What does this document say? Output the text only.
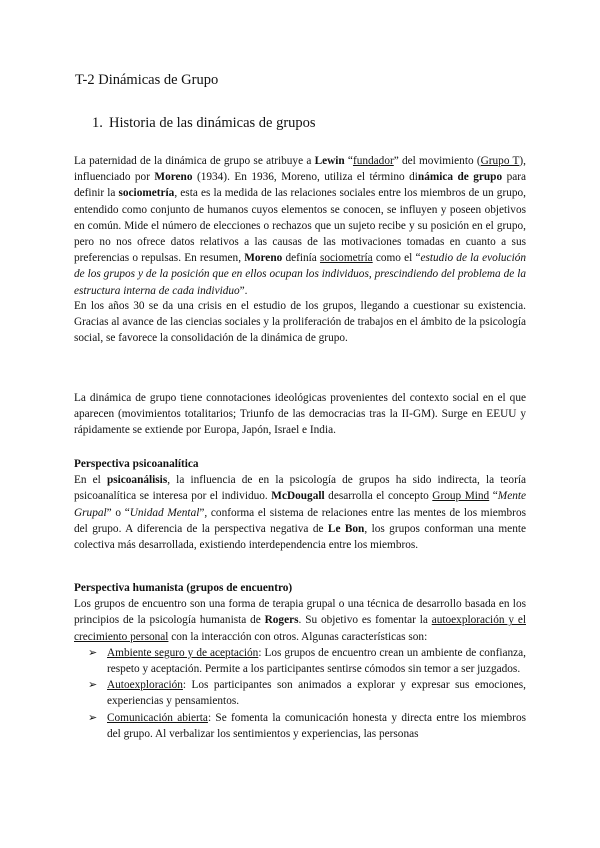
T-2 Dinámicas de Grupo
1. Historia de las dinámicas de grupos

La paternidad de la dinámica de grupo se atribuye a Lewin “fundador” del movimiento (Grupo T), influenciado por Moreno (1934). En 1936, Moreno, utiliza el término dinámica de grupo para definir la sociometría, esta es la medida de las relaciones sociales entre los miembros de un grupo, entendido como conjunto de humanos cuyos elementos se conocen, se influyen y poseen objetivos en común. Mide el número de elecciones o rechazos que un sujeto recibe y su posición en el grupo, pero no nos ofrece datos relativos a las causas de las motivaciones tomadas en cuanto a sus preferencias o repulsas. En resumen, Moreno definía sociometría como el “estudio de la evolución de los grupos y de la posición que en ellos ocupan los individuos, prescindiendo del problema de la estructura interna de cada individuo”.

En los años 30 se da una crisis en el estudio de los grupos, llegando a cuestionar su existencia. Gracias al avance de las ciencias sociales y la proliferación de trabajos en el ámbito de la psicología social, se favorece la consolidación de la dinámica de grupo.

La dinámica de grupo tiene connotaciones ideológicas provenientes del contexto social en el que aparecen (movimientos totalitarios; Triunfo de las democracias tras la II-GM). Surge en EEUU y rápidamente se extiende por Europa, Japón, Israel e India.

Perspectiva psicoanalítica
En el psicoanálisis, la influencia de en la psicología de grupos ha sido indirecta, la teoría psicoanalítica se interesa por el individuo. McDougall desarrolla el concepto Group Mind “Mente Grupal” o “Unidad Mental”, conforma el sistema de relaciones entre las mentes de los miembros del grupo. A diferencia de la perspectiva negativa de Le Bon, los grupos conforman una mente colectiva más desarrollada, existiendo interdependencia entre los miembros.
Perspectiva humanista (grupos de encuentro)
Los grupos de encuentro son una forma de terapia grupal o una técnica de desarrollo basada en los principios de la psicología humanista de Rogers. Su objetivo es fomentar la autoexploración y el crecimiento personal con la interacción con otros. Algunas características son:
➢ Ambiente seguro y de aceptación: Los grupos de encuentro crean un ambiente de confianza, respeto y aceptación. Permite a los participantes sentirse cómodos sin temor a ser juzgados.
➢ Autoexploración: Los participantes son animados a explorar y expresar sus emociones, experiencias y pensamientos.
➢ Comunicación abierta: Se fomenta la comunicación honesta y directa entre los miembros del grupo. Al verbalizar los sentimientos y experiencias, las personas
